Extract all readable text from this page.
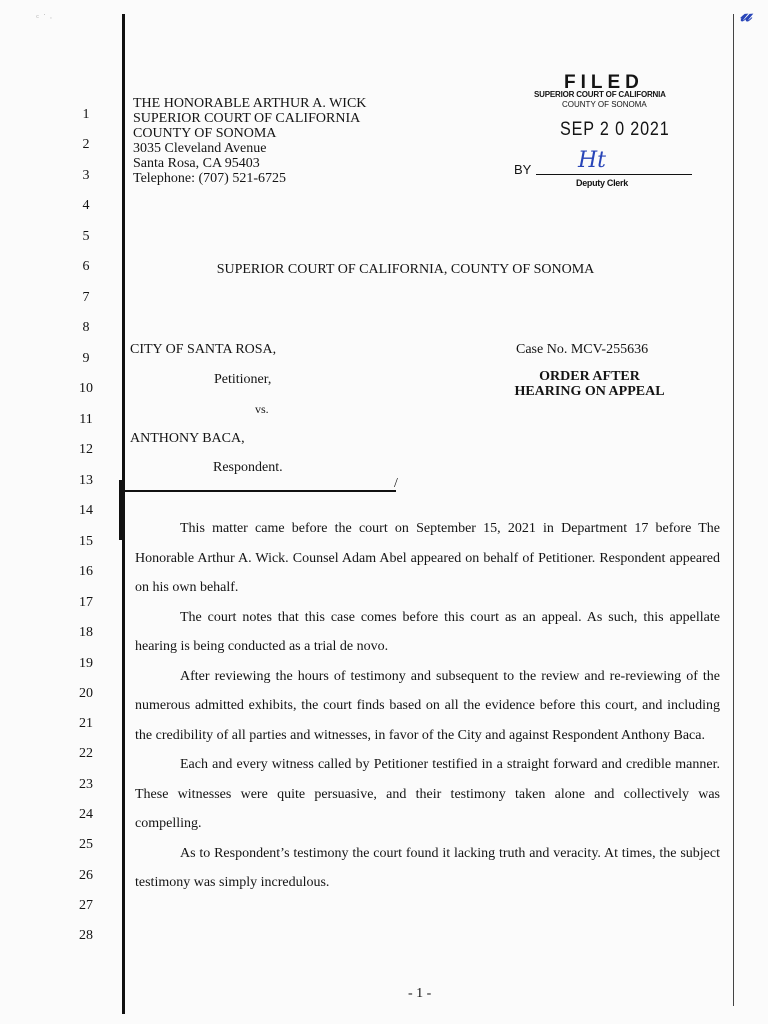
ᶜ ˙ ·	𝓊
1
2
3
4
5
6
7
8
9
10
11
12
13
14
15
16
17
18
19
20
21
22
23
24
25
26
27
28
THE HONORABLE ARTHUR A. WICK
SUPERIOR COURT OF CALIFORNIA
COUNTY OF SONOMA
3035 Cleveland Avenue
Santa Rosa, CA 95403
Telephone: (707) 521-6725
FILED
SUPERIOR COURT OF CALIFORNIA
COUNTY OF SONOMA
SEP 2 0 2021
BY Ht
Deputy Clerk
SUPERIOR COURT OF CALIFORNIA, COUNTY OF SONOMA
CITY OF SANTA ROSA,
Petitioner,
vs.
ANTHONY BACA,
Respondent.
/
Case No. MCV-255636
ORDER AFTER
HEARING ON APPEAL

This matter came before the court on September 15, 2021 in Department 17 before The Honorable Arthur A. Wick. Counsel Adam Abel appeared on behalf of Petitioner. Respondent appeared on his own behalf.

The court notes that this case comes before this court as an appeal. As such, this appellate hearing is being conducted as a trial de novo.

After reviewing the hours of testimony and subsequent to the review and re-reviewing of the numerous admitted exhibits, the court finds based on all the evidence before this court, and including the credibility of all parties and witnesses, in favor of the City and against Respondent Anthony Baca.

Each and every witness called by Petitioner testified in a straight forward and credible manner. These witnesses were quite persuasive, and their testimony taken alone and collectively was compelling.

As to Respondent’s testimony the court found it lacking truth and veracity. At times, the subject testimony was simply incredulous.

- 1 -
